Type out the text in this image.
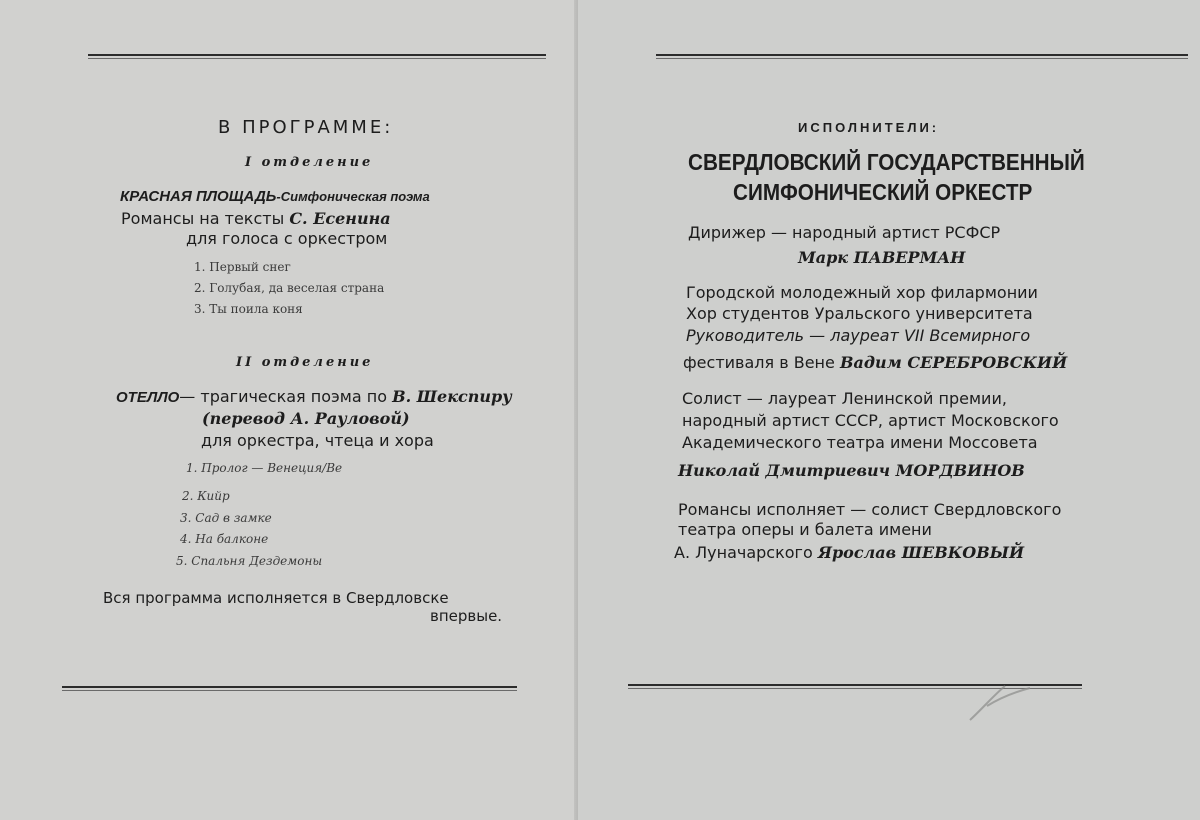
В ПРОГРАММЕ:
I отделение
КРАСНАЯ ПЛОЩАДЬ-Симфоническая поэма
Романсы на тексты С. Есенина
для голоса с оркестром
1. Первый снег
2. Голубая, да веселая страна
3. Ты поила коня
II отделение
ОТЕЛЛО— трагическая поэма по В. Шекспиру
(перевод А. Рауловой)
для оркестра, чтеца и хора
1. Пролог — Венеция/Ве
2. Кийр
3. Сад в замке
4. На балконе
5. Спальня Дездемоны
Вся программа исполняется в Свердловске
впервые.
ИСПОЛНИТЕЛИ:
СВЕРДЛОВСКИЙ ГОСУДАРСТВЕННЫЙ
СИМФОНИЧЕСКИЙ ОРКЕСТР
Дирижер — народный артист РСФСР
Марк ПАВЕРМАН
Городской молодежный хор филармонии
Хор студентов Уральского университета
Руководитель — лауреат VII Всемирного
фестиваля в Вене Вадим СЕРЕБРОВСКИЙ
Солист — лауреат Ленинской премии,
народный артист СССР, артист Московского
Академического театра имени Моссовета
Николай Дмитриевич МОРДВИНОВ
Романсы исполняет — солист Свердловского
театра оперы и балета имени
А. Луначарского Ярослав ШЕВКОВЫЙ
